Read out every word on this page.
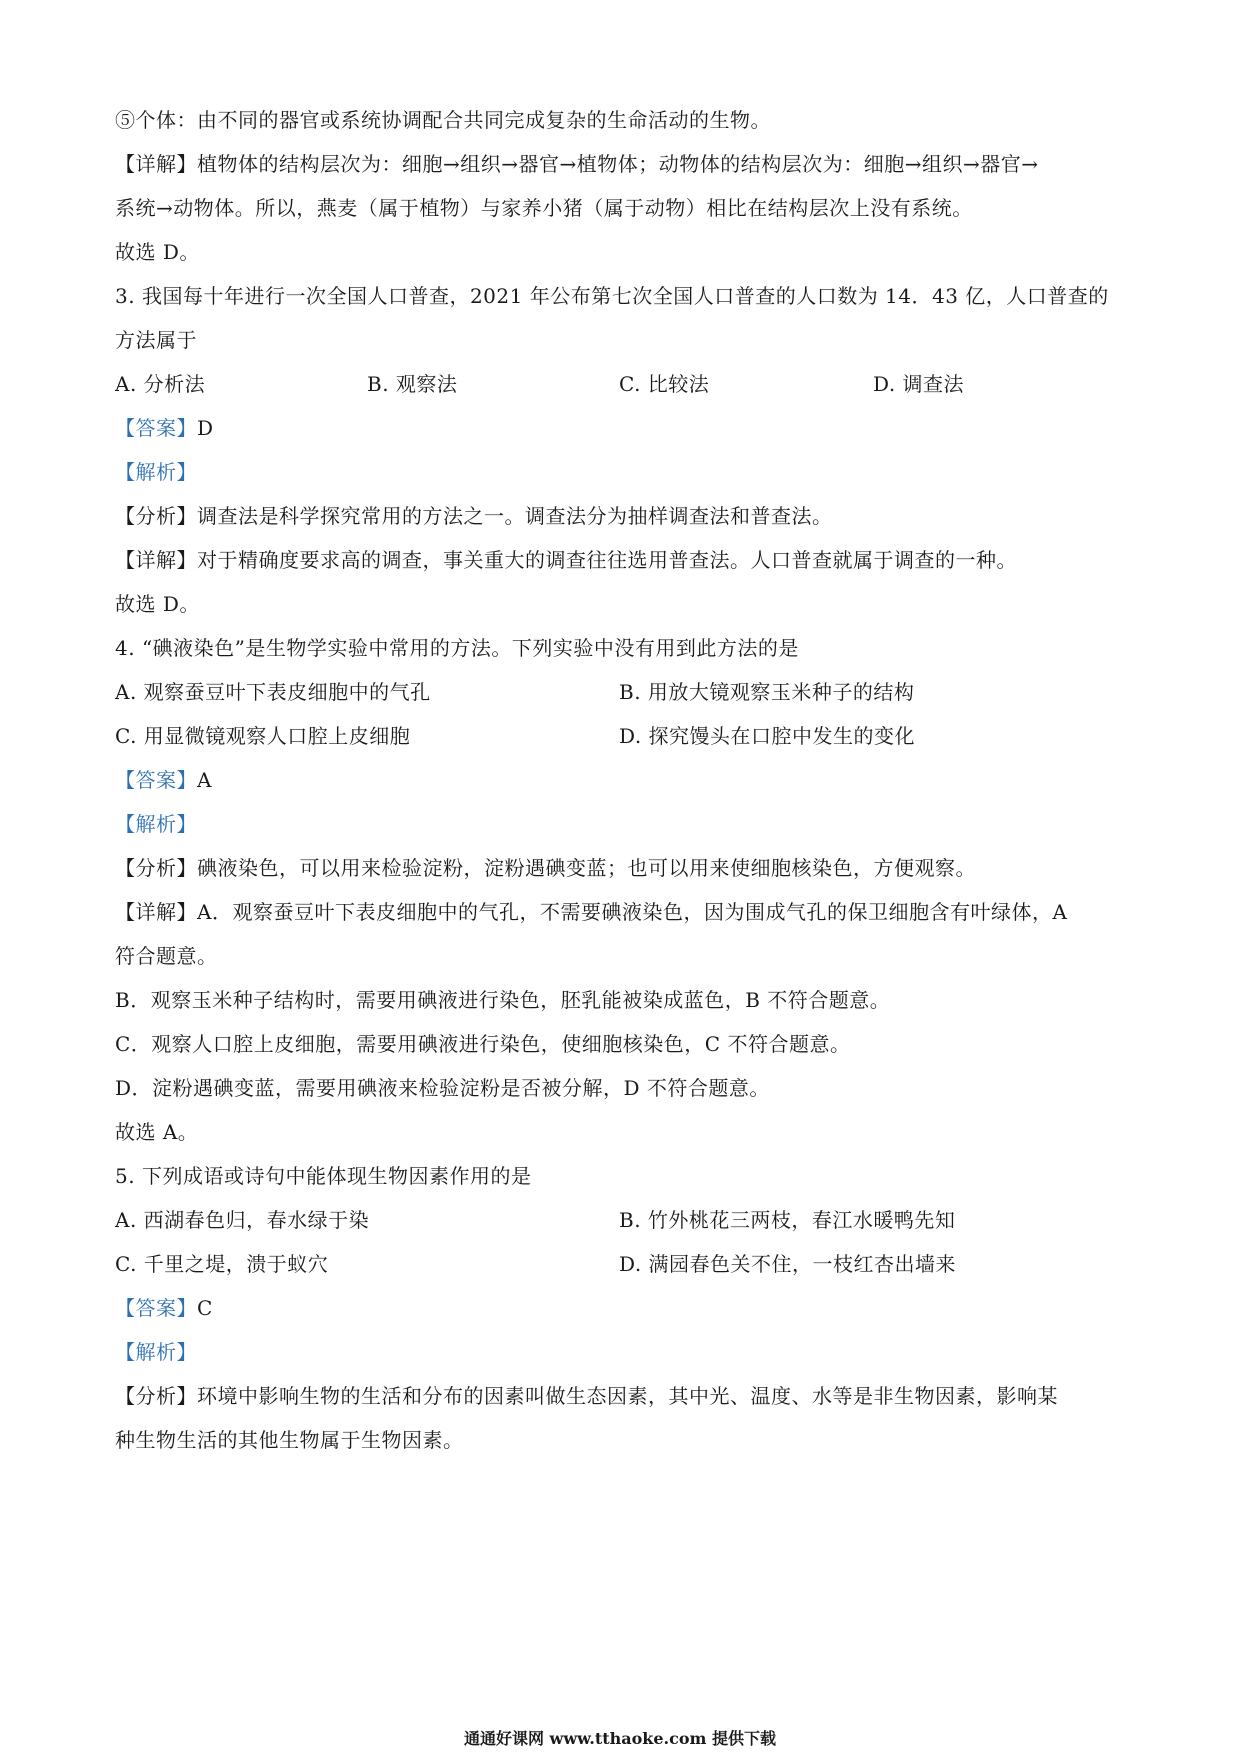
⑤个体：由不同的器官或系统协调配合共同完成复杂的生命活动的生物。
【详解】植物体的结构层次为：细胞→组织→器官→植物体；动物体的结构层次为：细胞→组织→器官→
系统→动物体。所以，燕麦（属于植物）与家养小猪（属于动物）相比在结构层次上没有系统。
故选 D。
3. 我国每十年进行一次全国人口普查，2021 年公布第七次全国人口普查的人口数为 14．43 亿，人口普查的
方法属于
A. 分析法	B. 观察法	C. 比较法	D. 调查法
【答案】D
【解析】
【分析】调查法是科学探究常用的方法之一。调查法分为抽样调查法和普查法。
【详解】对于精确度要求高的调查，事关重大的调查往往选用普查法。人口普查就属于调查的一种。
故选 D。
4. “碘液染色”是生物学实验中常用的方法。下列实验中没有用到此方法的是
A. 观察蚕豆叶下表皮细胞中的气孔	B. 用放大镜观察玉米种子的结构
C. 用显微镜观察人口腔上皮细胞	D. 探究馒头在口腔中发生的变化
【答案】A
【解析】
【分析】碘液染色，可以用来检验淀粉，淀粉遇碘变蓝；也可以用来使细胞核染色，方便观察。
【详解】A．观察蚕豆叶下表皮细胞中的气孔，不需要碘液染色，因为围成气孔的保卫细胞含有叶绿体，A
符合题意。
B．观察玉米种子结构时，需要用碘液进行染色，胚乳能被染成蓝色，B 不符合题意。
C．观察人口腔上皮细胞，需要用碘液进行染色，使细胞核染色，C 不符合题意。
D．淀粉遇碘变蓝，需要用碘液来检验淀粉是否被分解，D 不符合题意。
故选 A。
5. 下列成语或诗句中能体现生物因素作用的是
A. 西湖春色归，春水绿于染	B. 竹外桃花三两枝，春江水暖鸭先知
C. 千里之堤，溃于蚁穴	D. 满园春色关不住，一枝红杏出墙来
【答案】C
【解析】
【分析】环境中影响生物的生活和分布的因素叫做生态因素，其中光、温度、水等是非生物因素，影响某
种生物生活的其他生物属于生物因素。
通通好课网 www.tthaoke.com 提供下载
